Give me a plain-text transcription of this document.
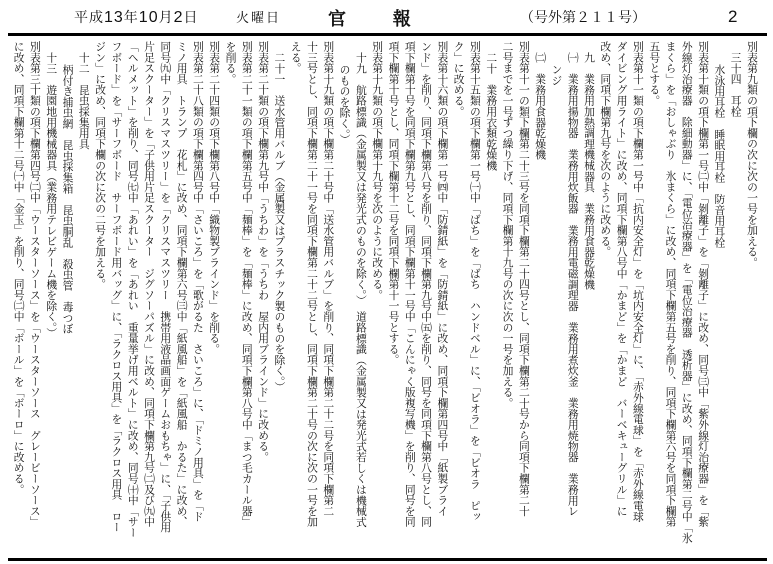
平成13年10月2日	火曜日	官報	（号外第２１１号）	2
別表第九類の項下欄の次に次の一号を加える。
三十四　耳栓
水泳用耳栓　睡眠用耳栓　防音用耳栓
別表第十類の項下欄第一号㈡中「剝離子」を「剝離子」に改め、同号㈢中「紫外線灯治療器」を「紫
外線灯治療器　除細動器」に、「電位治療器」を「電位治療器　透析器」に改め、同項下欄第二号中「氷
まくら」を「おしゃぶり　氷まくら」に改め、同項下欄第五号を削り、同項下欄第六号を同項下欄第
五号とする。
別表第十一類の項下欄第一号中「抗内安全灯」を「坑内安全灯」に、「赤外線電球」を「赤外線電球
ダイビング用ライト」に改め、同項下欄第八号中「かまど」を「かまど　バーベキューグリル」に
改め、同項下欄第九号を次のように改める。
九　業務用加熱調理機械器具　業務用食器乾燥機
㈠　業務用揚物器　業務用炊飯器　業務用電磁調理器　業務用煮炊釜　業務用焼物器　業務用レ
ンジ
㈡　業務用食器乾燥機
別表第十一の類下欄第二十三号を同項下欄第二十四号とし、同項下欄第二十号から同項下欄第二十
二号までを一号ずつ繰り下げ、同項下欄第十九号の次に次の一号を加える。
二十　業務用衣類乾燥機
別表第十五類の項下欄第一号㈠中「ばち」を「ばち　ハンドベル」に、「ビオラ」を「ビオラ　ピッ
ク」に改める。
別表第十六類の項下欄第一号㈣中「防錆紙」を「防錆紙」に改め、同項下欄第四号中「紙製ブライ
ンド」を削り、同項下欄第八号を削り、同項下欄第九号中㈤を削り、同号を同項下欄第八号とし、同
項下欄第十号を同項下欄第九号とし、同項下欄第十一号中「こんにゃく版複写機」を削り、同号を同
項下欄第十号とし、同項下欄第十二号を同項下欄第十一号とする。
別表第十九類の項下欄第十九号を次のように改める。
十九　航路標識（金属製又は発光式のものを除く。）　道路標識（金属製又は発光式若しくは機械式
のものを除く。）
別表第十九類の項下欄第二十号中「送水管用バルブ」を削り、同項下欄第二十二号を同項下欄第二
十三号とし、同項下欄第二十一号を同項下欄第二十二号とし、同項下欄第二十号の次に次の一号を加
える。
二十一　送水管用バルブ（金属製又はプラスチック製のものを除く。）
別表第二十類の項下欄第九号中「うちわ」を「うちわ　屋内用ブラインド」に改める。
別表第二十一類の項下欄第五号中「麺棒」を「麺棒」に改め、同項下欄第八号中「まつ毛カール器」
を削る。
別表第二十四類の項下欄第八号中「織物製ブラインド」を削る。
別表第二十八類の項下欄第四号中「さいころ」を「歌がるた　さいころ」に、「ドミノ用具」を「ド
ミノ用具　トランプ　花札」に改め、同項下欄第六号㈢中「紙風船」を「紙風船　かるた」に改め、
同号㈨中「クリスマスツリー」を「クリスマスツリー　携帯用液晶画面ゲームおもちゃ」に、「子供用
片足スクーター」を「子供用片足スクーター　ジグソーパズル」に改め、同項下欄第九号㈡及び㈨中
「ヘルメット」を削り、同号㈦中「あれい」を「あれい　重量挙げ用ベルト」に改め、同号㈩中「サー
フボード」を「サーフボード　サーフボード用バッグ」に、「ラクロス用具」を「ラクロス用具　ロー
ジン」に改め、同項下欄の次に次の二号を加える。
十二　昆虫採集用具
柄付き捕虫網　昆虫採集箱　昆虫胴乱　殺虫管　毒つぼ
十三　遊園地用機械器具（業務用テレビゲーム機を除く。）
別表第三十類の項下欄第四号㈡中「ウースターソース」を「ウースターソース　グレービーソース」
に改め、同項下欄第十二号㈠中「金玉」を削り、同号㈡中「ボール」を「ボーロ」に改める。
